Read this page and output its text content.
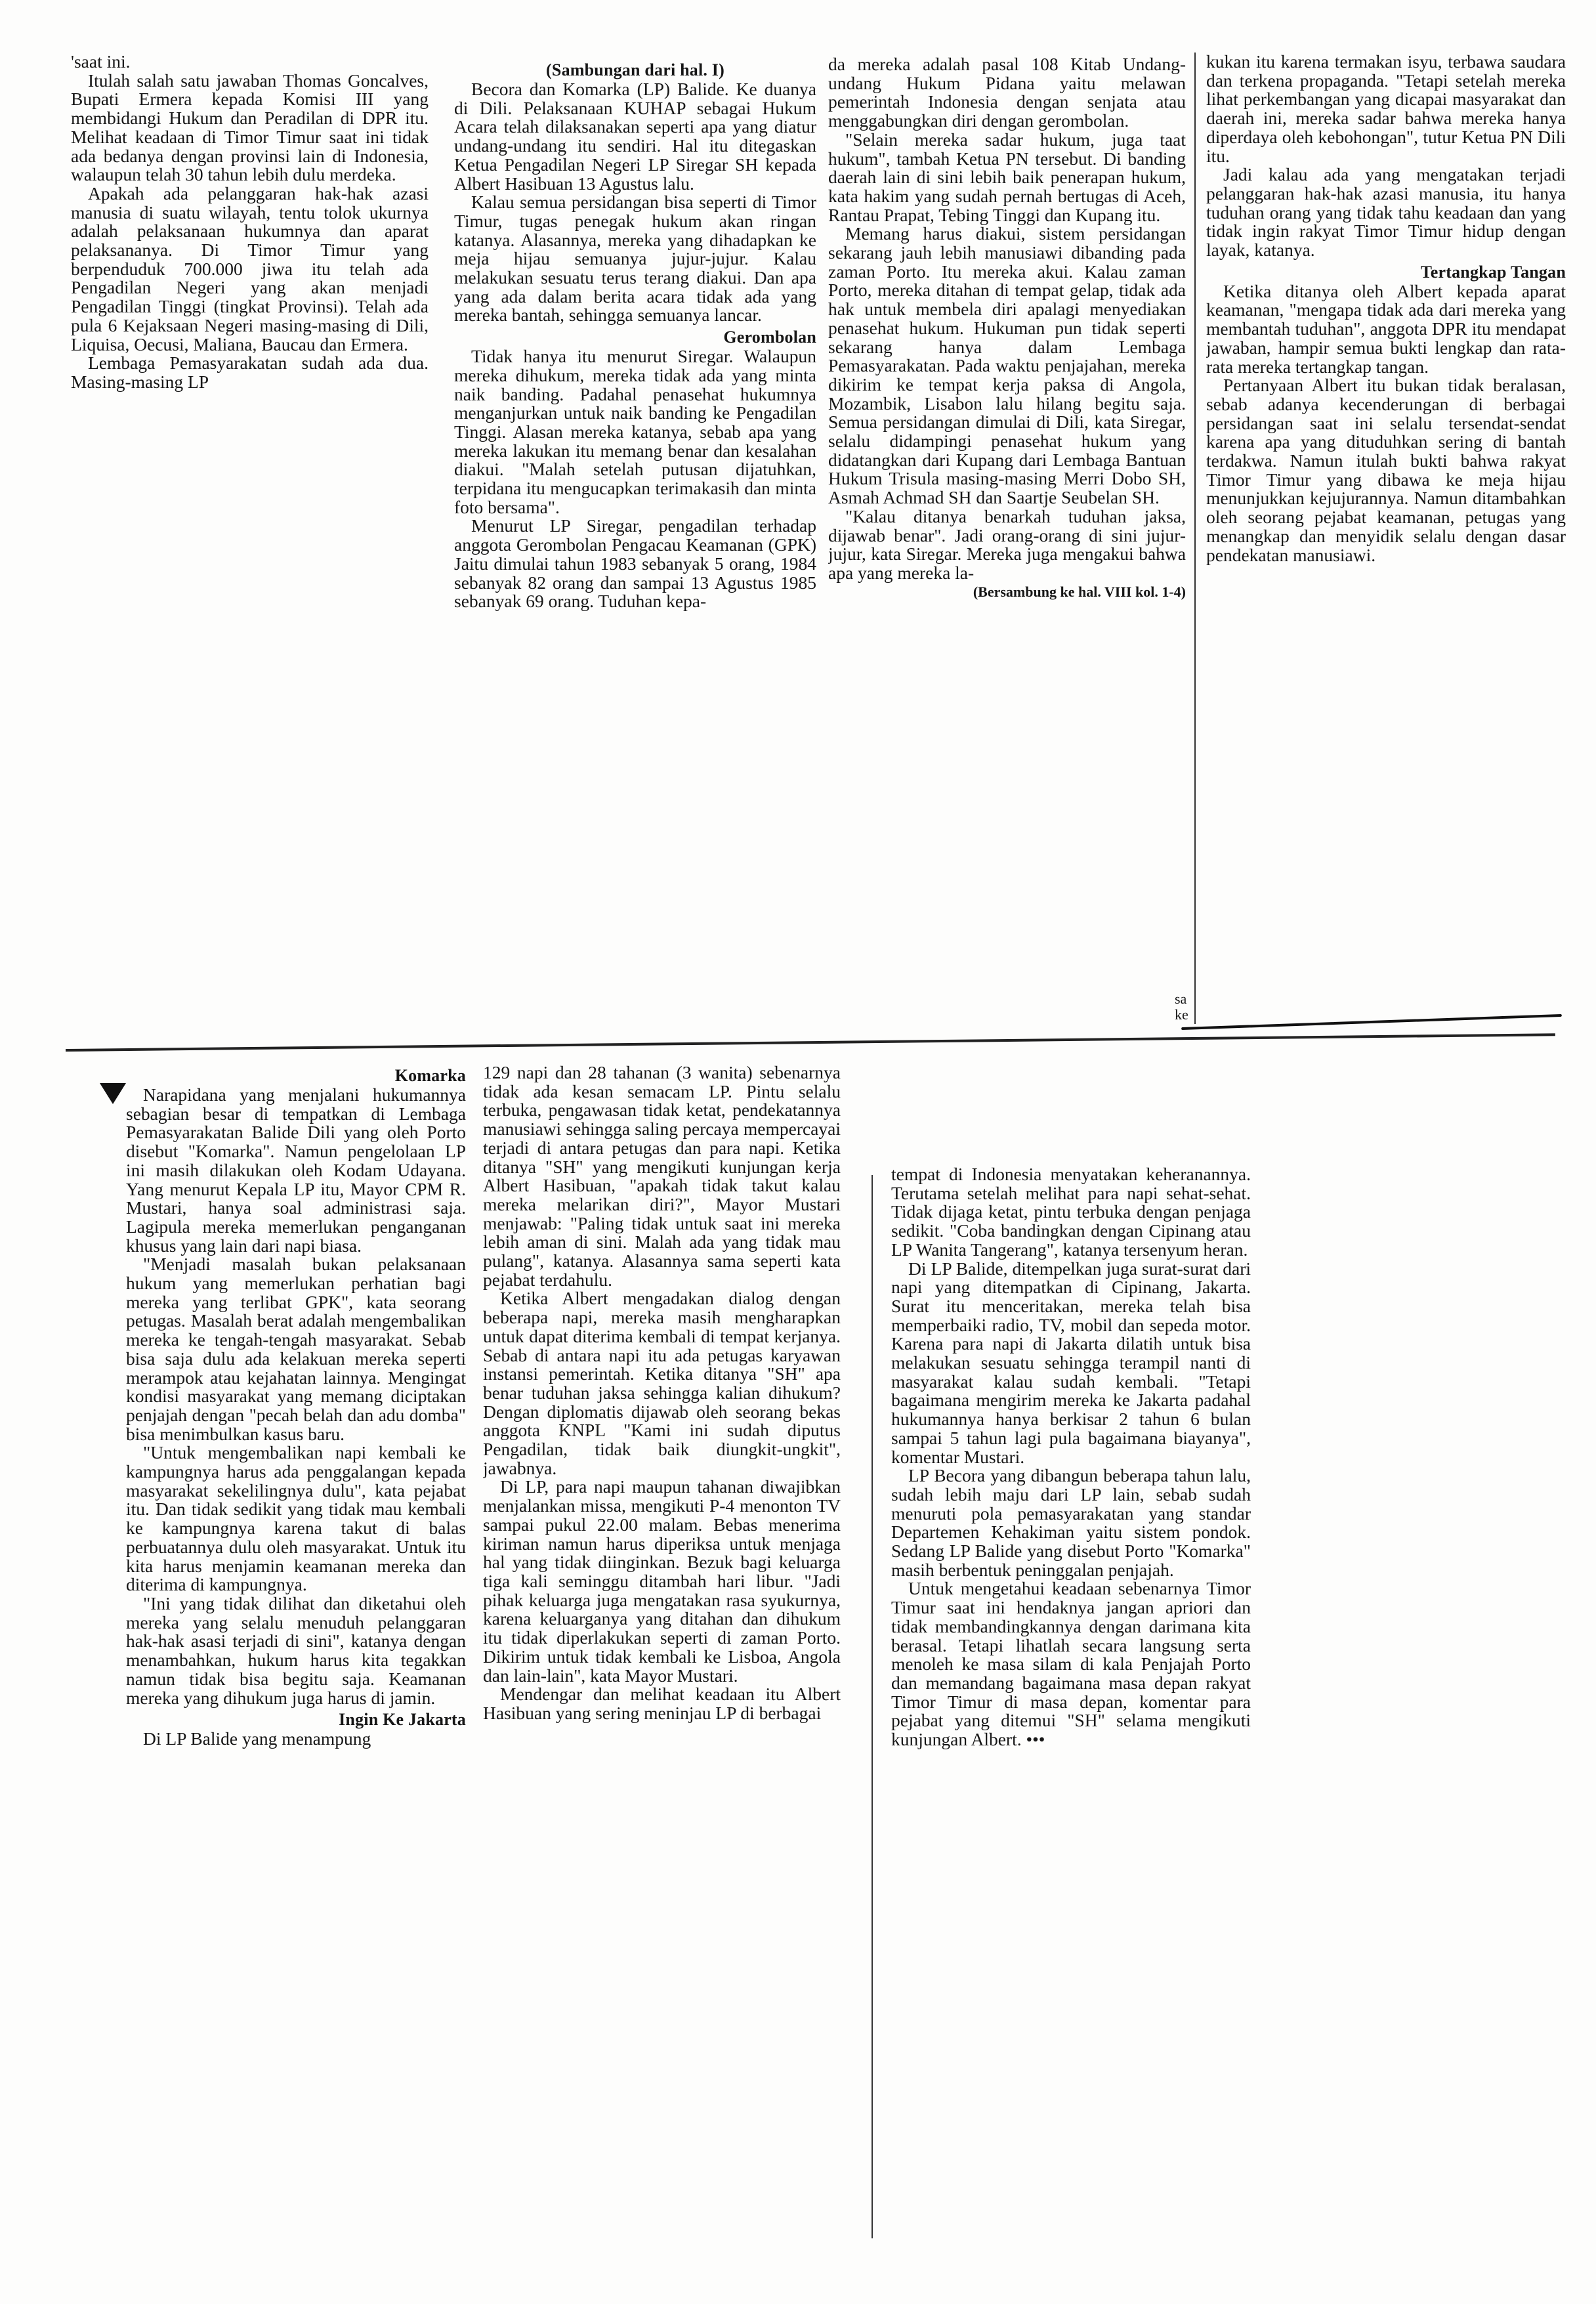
'saat ini.

Itulah salah satu jawaban Thomas Goncalves, Bupati Ermera kepada Komisi III yang membidangi Hukum dan Peradilan di DPR itu. Melihat keadaan di Timor Timur saat ini tidak ada bedanya dengan provinsi lain di Indonesia, walaupun telah 30 tahun lebih dulu merdeka.

Apakah ada pelanggaran hak-hak azasi manusia di suatu wilayah, tentu tolok ukurnya adalah pelaksanaan hukumnya dan aparat pelaksananya. Di Timor Timur yang berpenduduk 700.000 jiwa itu telah ada Pengadilan Negeri yang akan menjadi Pengadilan Tinggi (tingkat Provinsi). Telah ada pula 6 Kejaksaan Negeri masing-masing di Dili, Liquisa, Oecusi, Maliana, Baucau dan Ermera.

Lembaga Pemasyarakatan sudah ada dua. Masing-masing LP

(Sambungan dari hal. I)

Becora dan Komarka (LP) Balide. Ke duanya di Dili. Pelaksanaan KUHAP sebagai Hukum Acara telah dilaksanakan seperti apa yang diatur undang-undang itu sendiri. Hal itu ditegaskan Ketua Pengadilan Negeri LP Siregar SH kepada Albert Hasibuan 13 Agustus lalu.

Kalau semua persidangan bisa seperti di Timor Timur, tugas penegak hukum akan ringan katanya. Alasannya, mereka yang dihadapkan ke meja hijau semuanya jujur-jujur. Kalau melakukan sesuatu terus terang diakui. Dan apa yang ada dalam berita acara tidak ada yang mereka bantah, sehingga semuanya lancar.

Gerombolan

Tidak hanya itu menurut Siregar. Walaupun mereka dihukum, mereka tidak ada yang minta naik banding. Padahal penasehat hukumnya menganjurkan untuk naik banding ke Pengadilan Tinggi. Alasan mereka katanya, sebab apa yang mereka lakukan itu memang benar dan kesalahan diakui. "Malah setelah putusan dijatuhkan, terpidana itu mengucapkan terimakasih dan minta foto bersama".

Menurut LP Siregar, pengadilan terhadap anggota Gerombolan Pengacau Keamanan (GPK) Jaitu dimulai tahun 1983 sebanyak 5 orang, 1984 sebanyak 82 orang dan sampai 13 Agustus 1985 sebanyak 69 orang. Tuduhan kepa-

da mereka adalah pasal 108 Kitab Undang-undang Hukum Pidana yaitu melawan pemerintah Indonesia dengan senjata atau menggabungkan diri dengan gerombolan.

"Selain mereka sadar hukum, juga taat hukum", tambah Ketua PN tersebut. Di banding daerah lain di sini lebih baik penerapan hukum, kata hakim yang sudah pernah bertugas di Aceh, Rantau Prapat, Tebing Tinggi dan Kupang itu.

Memang harus diakui, sistem persidangan sekarang jauh lebih manusiawi dibanding pada zaman Porto. Itu mereka akui. Kalau zaman Porto, mereka ditahan di tempat gelap, tidak ada hak untuk membela diri apalagi menyediakan penasehat hukum. Hukuman pun tidak seperti sekarang hanya dalam Lembaga Pemasyarakatan. Pada waktu penjajahan, mereka dikirim ke tempat kerja paksa di Angola, Mozambik, Lisabon lalu hilang begitu saja. Semua persidangan dimulai di Dili, kata Siregar, selalu didampingi penasehat hukum yang didatangkan dari Kupang dari Lembaga Bantuan Hukum Trisula masing-masing Merri Dobo SH, Asmah Achmad SH dan Saartje Seubelan SH.

"Kalau ditanya benarkah tuduhan jaksa, dijawab benar". Jadi orang-orang di sini jujur-jujur, kata Siregar. Mereka juga mengakui bahwa apa yang mereka la-

(Bersambung ke hal. VIII kol. 1-4)

kukan itu karena termakan isyu, terbawa saudara dan terkena propaganda. "Tetapi setelah mereka lihat perkembangan yang dicapai masyarakat dan daerah ini, mereka sadar bahwa mereka hanya diperdaya oleh kebohongan", tutur Ketua PN Dili itu.

Jadi kalau ada yang mengatakan terjadi pelanggaran hak-hak azasi manusia, itu hanya tuduhan orang yang tidak tahu keadaan dan yang tidak ingin rakyat Timor Timur hidup dengan layak, katanya.

Tertangkap Tangan

Ketika ditanya oleh Albert kepada aparat keamanan, "mengapa tidak ada dari mereka yang membantah tuduhan", anggota DPR itu mendapat jawaban, hampir semua bukti lengkap dan rata-rata mereka tertangkap tangan.

Pertanyaan Albert itu bukan tidak beralasan, sebab adanya kecenderungan di berbagai persidangan saat ini selalu tersendat-sendat karena apa yang dituduhkan sering di bantah terdakwa. Namun itulah bukti bahwa rakyat Timor Timur yang dibawa ke meja hijau menunjukkan kejujurannya. Namun ditambahkan oleh seorang pejabat keamanan, petugas yang menangkap dan menyidik selalu dengan dasar pendekatan manusiawi.

sa ke

Komarka

Narapidana yang menjalani hukumannya sebagian besar di tempatkan di Lembaga Pemasyarakatan Balide Dili yang oleh Porto disebut "Komarka". Namun pengelolaan LP ini masih dilakukan oleh Kodam Udayana. Yang menurut Kepala LP itu, Mayor CPM R. Mustari, hanya soal administrasi saja. Lagipula mereka memerlukan penganganan khusus yang lain dari napi biasa.

"Menjadi masalah bukan pelaksanaan hukum yang memerlukan perhatian bagi mereka yang terlibat GPK", kata seorang petugas. Masalah berat adalah mengembalikan mereka ke tengah-tengah masyarakat. Sebab bisa saja dulu ada kelakuan mereka seperti merampok atau kejahatan lainnya. Mengingat kondisi masyarakat yang memang diciptakan penjajah dengan "pecah belah dan adu domba" bisa menimbulkan kasus baru.

"Untuk mengembalikan napi kembali ke kampungnya harus ada penggalangan kepada masyarakat sekelilingnya dulu", kata pejabat itu. Dan tidak sedikit yang tidak mau kembali ke kampungnya karena takut di balas perbuatannya dulu oleh masyarakat. Untuk itu kita harus menjamin keamanan mereka dan diterima di kampungnya.

"Ini yang tidak dilihat dan diketahui oleh mereka yang selalu menuduh pelanggaran hak-hak asasi terjadi di sini", katanya dengan menambahkan, hukum harus kita tegakkan namun tidak bisa begitu saja. Keamanan mereka yang dihukum juga harus di jamin.

Ingin Ke Jakarta

Di LP Balide yang menampung

129 napi dan 28 tahanan (3 wanita) sebenarnya tidak ada kesan semacam LP. Pintu selalu terbuka, pengawasan tidak ketat, pendekatannya manusiawi sehingga saling percaya mempercayai terjadi di antara petugas dan para napi. Ketika ditanya "SH" yang mengikuti kunjungan kerja Albert Hasibuan, "apakah tidak takut kalau mereka melarikan diri?", Mayor Mustari menjawab: "Paling tidak untuk saat ini mereka lebih aman di sini. Malah ada yang tidak mau pulang", katanya. Alasannya sama seperti kata pejabat terdahulu.

Ketika Albert mengadakan dialog dengan beberapa napi, mereka masih mengharapkan untuk dapat diterima kembali di tempat kerjanya. Sebab di antara napi itu ada petugas karyawan instansi pemerintah. Ketika ditanya "SH" apa benar tuduhan jaksa sehingga kalian dihukum? Dengan diplomatis dijawab oleh seorang bekas anggota KNPL "Kami ini sudah diputus Pengadilan, tidak baik diungkit-ungkit", jawabnya.

Di LP, para napi maupun tahanan diwajibkan menjalankan missa, mengikuti P-4 menonton TV sampai pukul 22.00 malam. Bebas menerima kiriman namun harus diperiksa untuk menjaga hal yang tidak diinginkan. Bezuk bagi keluarga tiga kali seminggu ditambah hari libur. "Jadi pihak keluarga juga mengatakan rasa syukurnya, karena keluarganya yang ditahan dan dihukum itu tidak diperlakukan seperti di zaman Porto. Dikirim untuk tidak kembali ke Lisboa, Angola dan lain-lain", kata Mayor Mustari.

Mendengar dan melihat keadaan itu Albert Hasibuan yang sering meninjau LP di berbagai

tempat di Indonesia menyatakan keheranannya. Terutama setelah melihat para napi sehat-sehat. Tidak dijaga ketat, pintu terbuka dengan penjaga sedikit. "Coba bandingkan dengan Cipinang atau LP Wanita Tangerang", katanya tersenyum heran.

Di LP Balide, ditempelkan juga surat-surat dari napi yang ditempatkan di Cipinang, Jakarta. Surat itu menceritakan, mereka telah bisa memperbaiki radio, TV, mobil dan sepeda motor. Karena para napi di Jakarta dilatih untuk bisa melakukan sesuatu sehingga terampil nanti di masyarakat kalau sudah kembali. "Tetapi bagaimana mengirim mereka ke Jakarta padahal hukumannya hanya berkisar 2 tahun 6 bulan sampai 5 tahun lagi pula bagaimana biayanya", komentar Mustari.

LP Becora yang dibangun beberapa tahun lalu, sudah lebih maju dari LP lain, sebab sudah menuruti pola pemasyarakatan yang standar Departemen Kehakiman yaitu sistem pondok. Sedang LP Balide yang disebut Porto "Komarka" masih berbentuk peninggalan penjajah.

Untuk mengetahui keadaan sebenarnya Timor Timur saat ini hendaknya jangan apriori dan tidak membandingkannya dengan darimana kita berasal. Tetapi lihatlah secara langsung serta menoleh ke masa silam di kala Penjajah Porto dan memandang bagaimana masa depan rakyat Timor Timur di masa depan, komentar para pejabat yang ditemui "SH" selama mengikuti kunjungan Albert. •••
